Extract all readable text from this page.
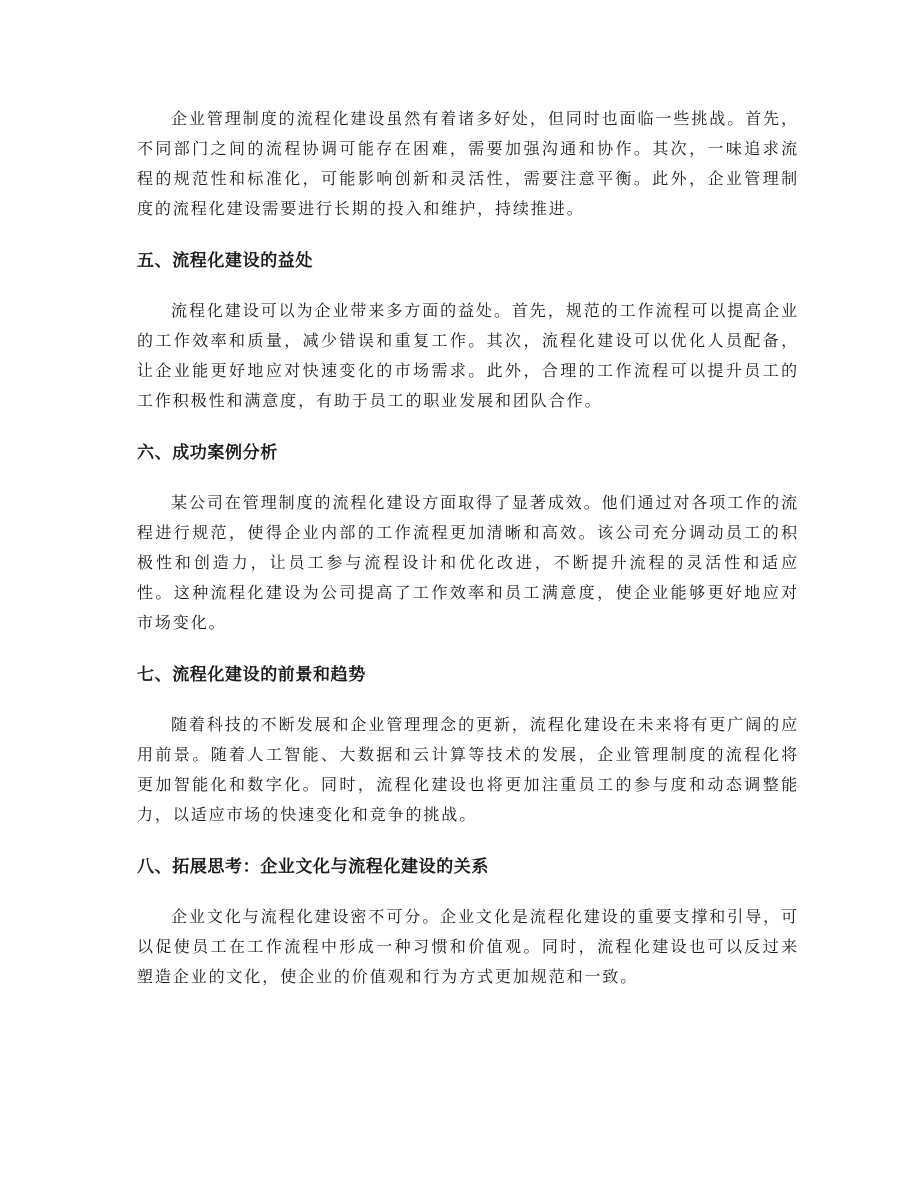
企业管理制度的流程化建设虽然有着诸多好处，但同时也面临一些挑战。首先，不同部门之间的流程协调可能存在困难，需要加强沟通和协作。其次，一味追求流程的规范性和标准化，可能影响创新和灵活性，需要注意平衡。此外，企业管理制度的流程化建设需要进行长期的投入和维护，持续推进。

五、流程化建设的益处

流程化建设可以为企业带来多方面的益处。首先，规范的工作流程可以提高企业的工作效率和质量，减少错误和重复工作。其次，流程化建设可以优化人员配备，让企业能更好地应对快速变化的市场需求。此外，合理的工作流程可以提升员工的工作积极性和满意度，有助于员工的职业发展和团队合作。

六、成功案例分析

某公司在管理制度的流程化建设方面取得了显著成效。他们通过对各项工作的流程进行规范，使得企业内部的工作流程更加清晰和高效。该公司充分调动员工的积极性和创造力，让员工参与流程设计和优化改进，不断提升流程的灵活性和适应性。这种流程化建设为公司提高了工作效率和员工满意度，使企业能够更好地应对市场变化。

七、流程化建设的前景和趋势

随着科技的不断发展和企业管理理念的更新，流程化建设在未来将有更广阔的应用前景。随着人工智能、大数据和云计算等技术的发展，企业管理制度的流程化将更加智能化和数字化。同时，流程化建设也将更加注重员工的参与度和动态调整能力，以适应市场的快速变化和竞争的挑战。

八、拓展思考：企业文化与流程化建设的关系

企业文化与流程化建设密不可分。企业文化是流程化建设的重要支撑和引导，可以促使员工在工作流程中形成一种习惯和价值观。同时，流程化建设也可以反过来塑造企业的文化，使企业的价值观和行为方式更加规范和一致。
